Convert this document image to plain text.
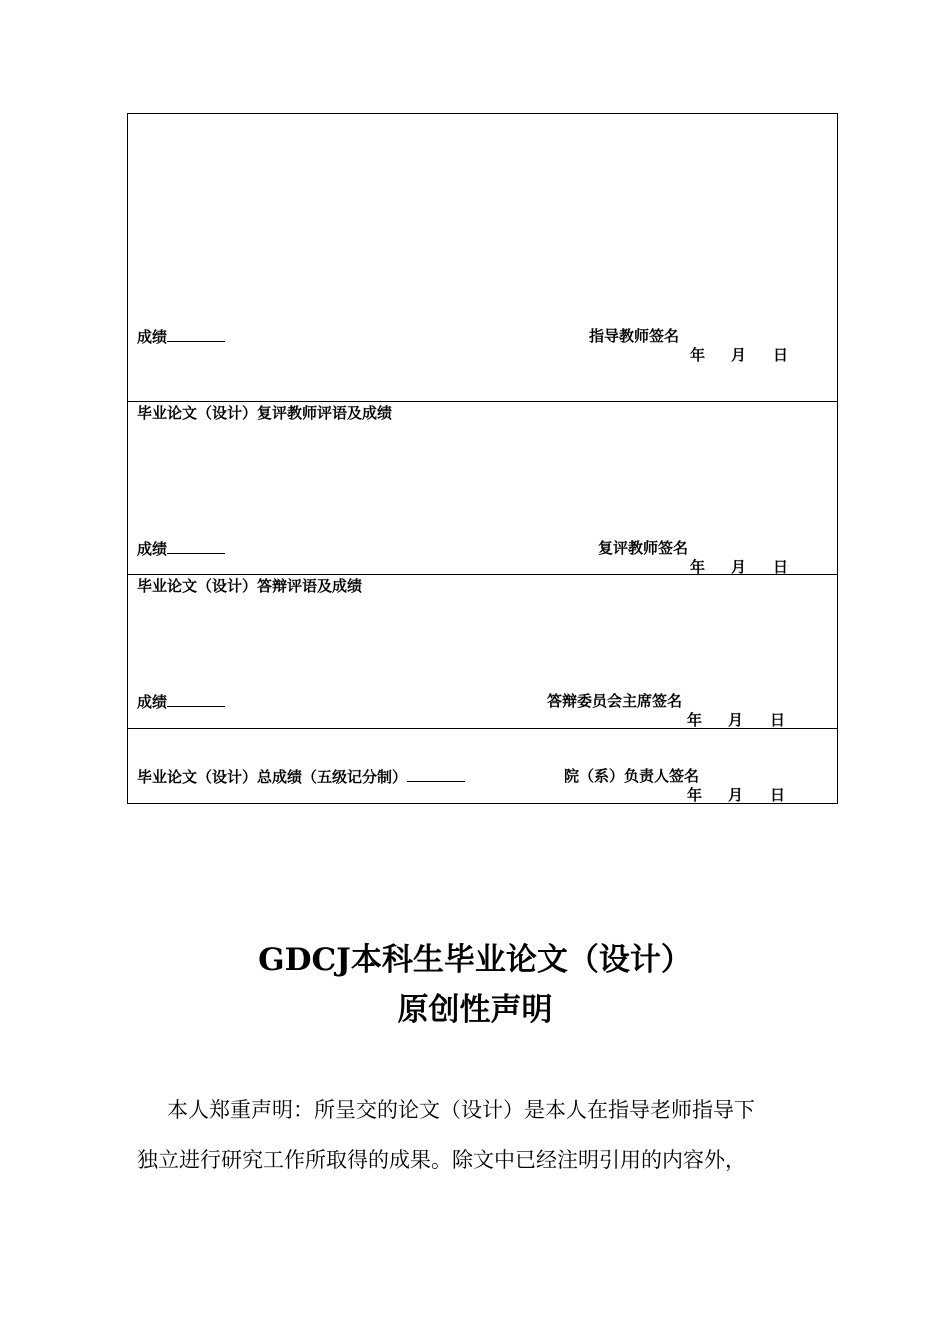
成绩	指导教师签名
年 月 日
毕业论文（设计）复评教师评语及成绩
成绩	复评教师签名
年 月 日
毕业论文（设计）答辩评语及成绩
成绩	答辩委员会主席签名
年 月 日
毕业论文（设计）总成绩（五级记分制）	院（系）负责人签名
年 月 日
GDCJ本科生毕业论文（设计）
原创性声明
本人郑重声明：所呈交的论文（设计）是本人在指导老师指导下
独立进行研究工作所取得的成果。除文中已经注明引用的内容外，
